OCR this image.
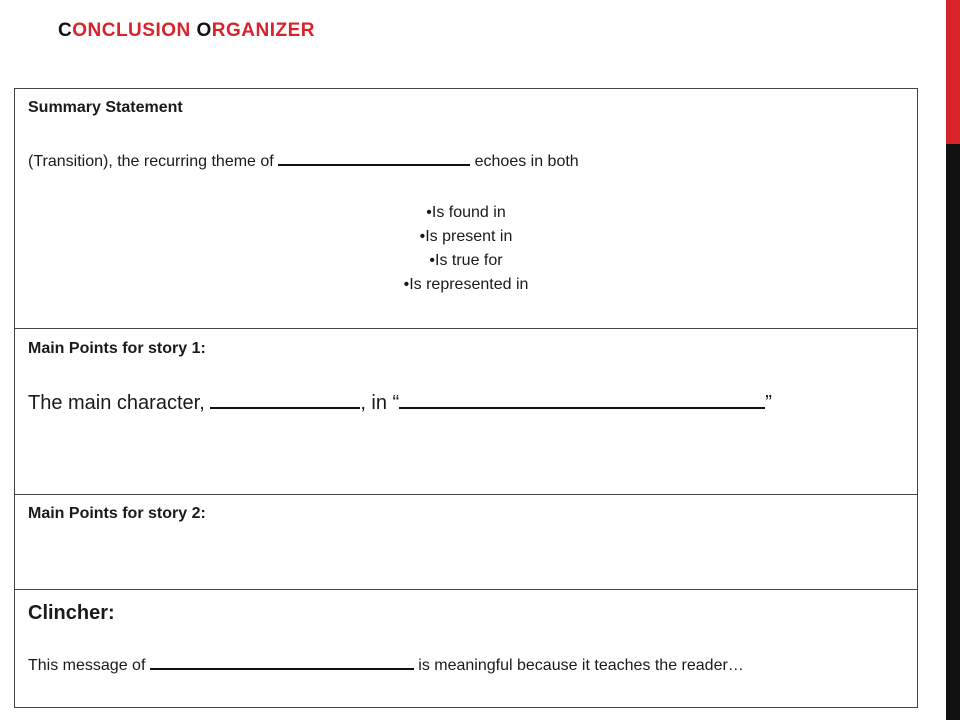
CONCLUSION ORGANIZER

Summary Statement

(Transition), the recurring theme of	echoes in both
•Is found in
•Is present in
•Is true for
•Is represented in

Main Points for story 1:

The main character,	, in “	”

Main Points for story 2:

Clincher:

This message of	is meaningful because it teaches the reader…
